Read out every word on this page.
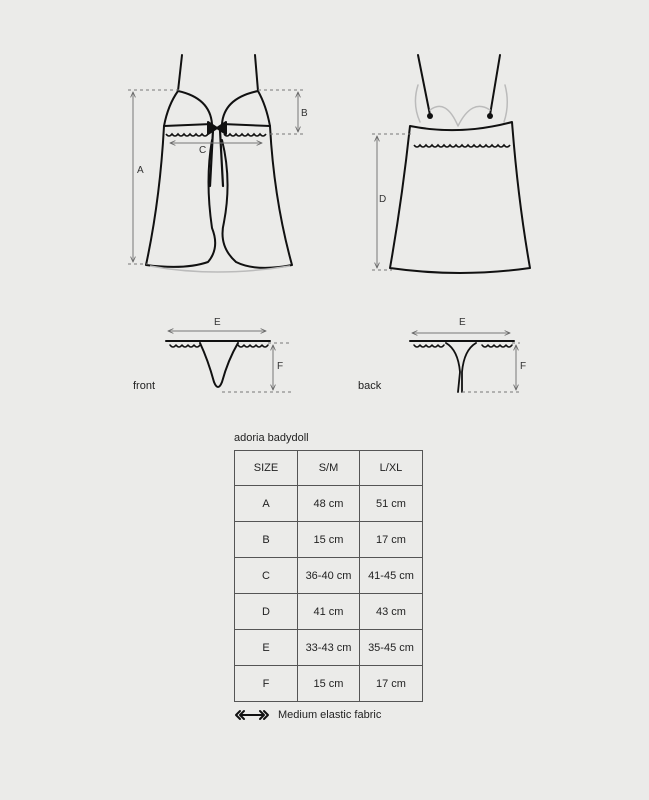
A
B
C
D
E
F
front
E
F
back
adoria badydoll
SIZE	S/M	L/XL
A	48 cm	51 cm
B	15 cm	17 cm
C	36-40 cm	41-45 cm
D	41 cm	43 cm
E	33-43 cm	35-45 cm
F	15 cm	17 cm
Medium elastic fabric
